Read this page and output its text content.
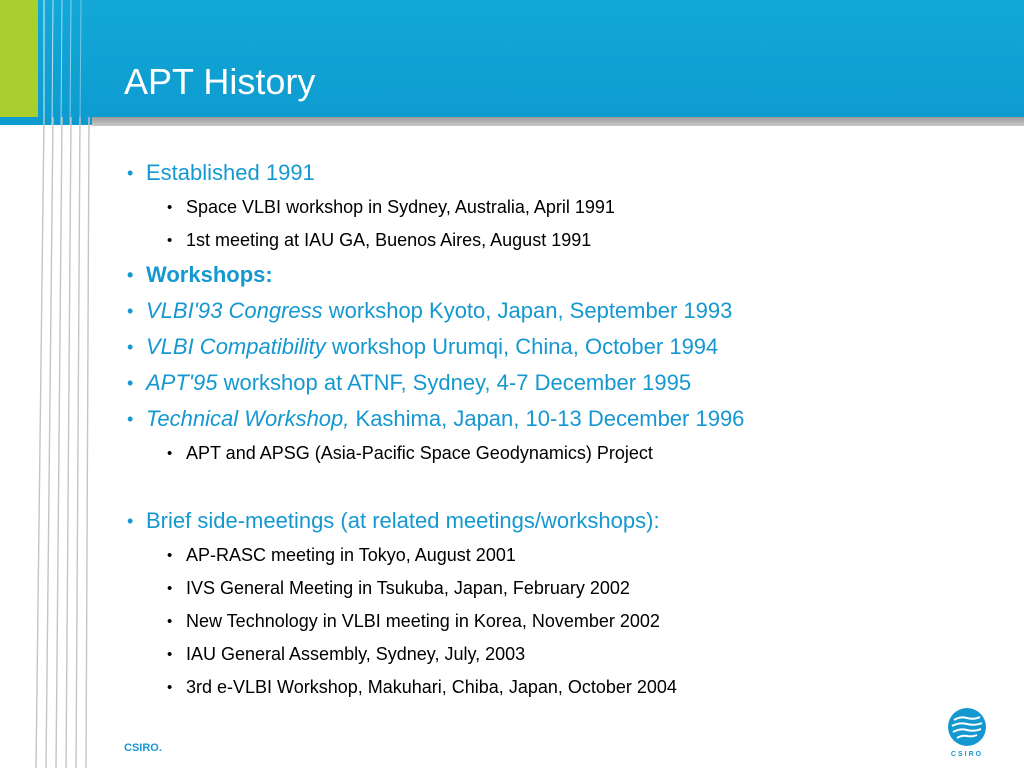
APT History
• Established 1991
• Space VLBI workshop in Sydney, Australia, April 1991
• 1st meeting at IAU GA, Buenos Aires, August 1991
• Workshops:
• VLBI'93 Congress workshop Kyoto, Japan, September 1993
• VLBI Compatibility workshop Urumqi, China, October 1994
• APT'95 workshop at ATNF, Sydney, 4-7 December 1995
• Technical Workshop, Kashima, Japan, 10-13 December 1996
• APT and APSG (Asia-Pacific Space Geodynamics) Project
• Brief side-meetings (at related meetings/workshops):
• AP-RASC meeting in Tokyo, August 2001
• IVS General Meeting in Tsukuba, Japan, February 2002
• New Technology in VLBI meeting in Korea, November 2002
• IAU General Assembly, Sydney, July, 2003
• 3rd e-VLBI Workshop, Makuhari, Chiba, Japan, October 2004
CSIRO.
CSIRO
